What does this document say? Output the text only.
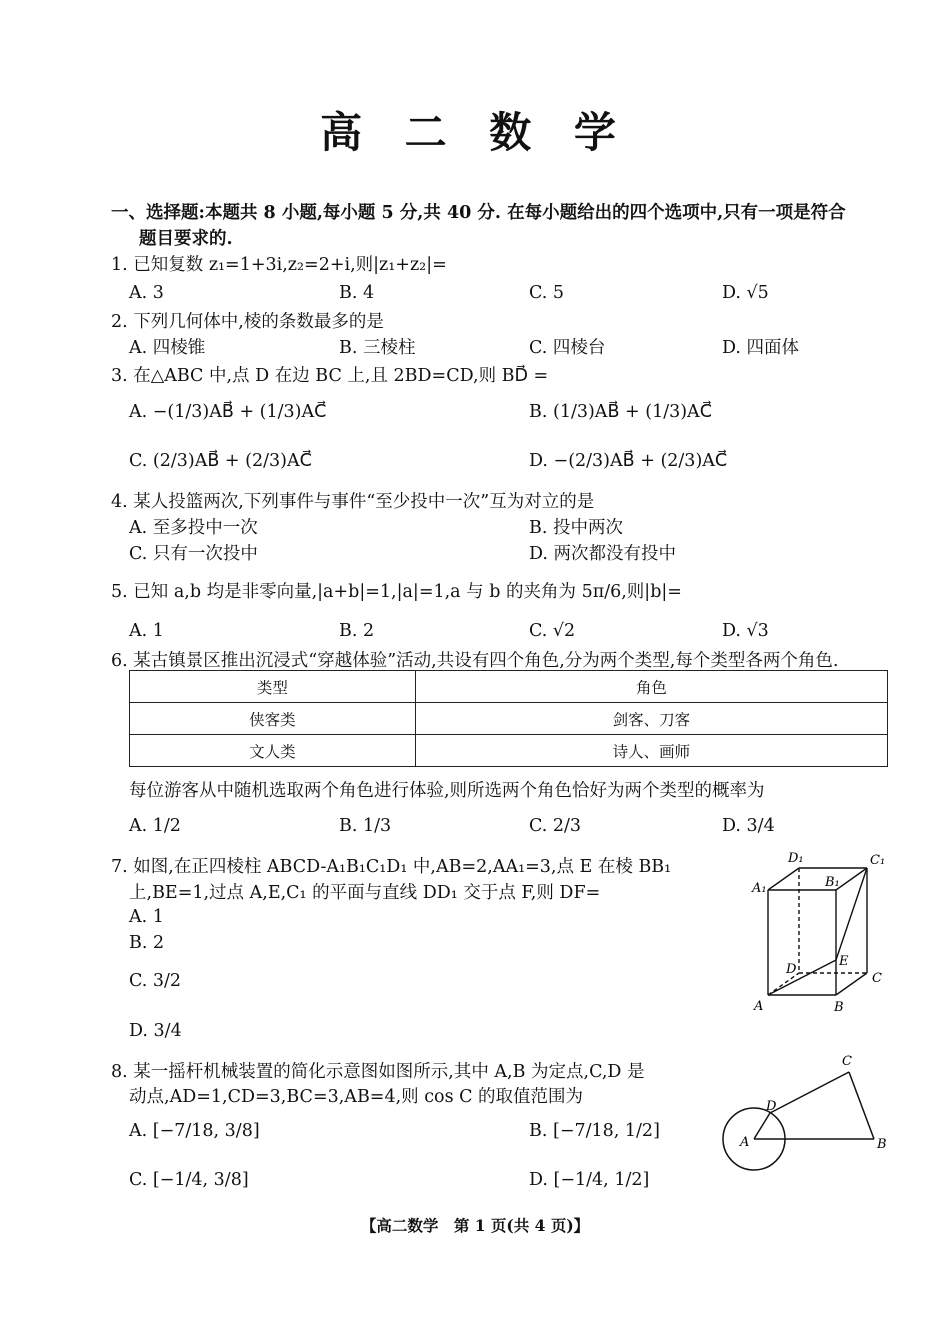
高 二 数 学
一、选择题:本题共 8 小题,每小题 5 分,共 40 分. 在每小题给出的四个选项中,只有一项是符合
题目要求的.
1. 已知复数 z₁=1+3i,z₂=2+i,则|z₁+z₂|=
A. 3	B. 4	C. 5	D. √5
2. 下列几何体中,棱的条数最多的是
A. 四棱锥	B. 三棱柱	C. 四棱台	D. 四面体
3. 在△ABC 中,点 D 在边 BC 上,且 2BD=CD,则 BD⃗ =
A. −(1/3)AB⃗ + (1/3)AC⃗	B. (1/3)AB⃗ + (1/3)AC⃗
C. (2/3)AB⃗ + (2/3)AC⃗	D. −(2/3)AB⃗ + (2/3)AC⃗
4. 某人投篮两次,下列事件与事件“至少投中一次”互为对立的是
A. 至多投中一次	B. 投中两次
C. 只有一次投中	D. 两次都没有投中
5. 已知 a,b 均是非零向量,|a+b|=1,|a|=1,a 与 b 的夹角为 5π/6,则|b|=
A. 1	B. 2	C. √2	D. √3
6. 某古镇景区推出沉浸式“穿越体验”活动,共设有四个角色,分为两个类型,每个类型各两个角色.
类型	角色
侠客类	剑客、刀客
文人类	诗人、画师
每位游客从中随机选取两个角色进行体验,则所选两个角色恰好为两个类型的概率为
A. 1/2	B. 1/3	C. 2/3	D. 3/4
7. 如图,在正四棱柱 ABCD-A₁B₁C₁D₁ 中,AB=2,AA₁=3,点 E 在棱 BB₁
上,BE=1,过点 A,E,C₁ 的平面与直线 DD₁ 交于点 F,则 DF=
A. 1
B. 2
C. 3/2
D. 3/4
D₁	C₁
A₁	B₁
D
E
C
A	B
8. 某一摇杆机械装置的简化示意图如图所示,其中 A,B 为定点,C,D 是
动点,AD=1,CD=3,BC=3,AB=4,则 cos C 的取值范围为
A. [−7/18, 3/8]	B. [−7/18, 1/2]
C. [−1/4, 3/8]	D. [−1/4, 1/2]
C
D
A	B
【高二数学　第 1 页(共 4 页)】
